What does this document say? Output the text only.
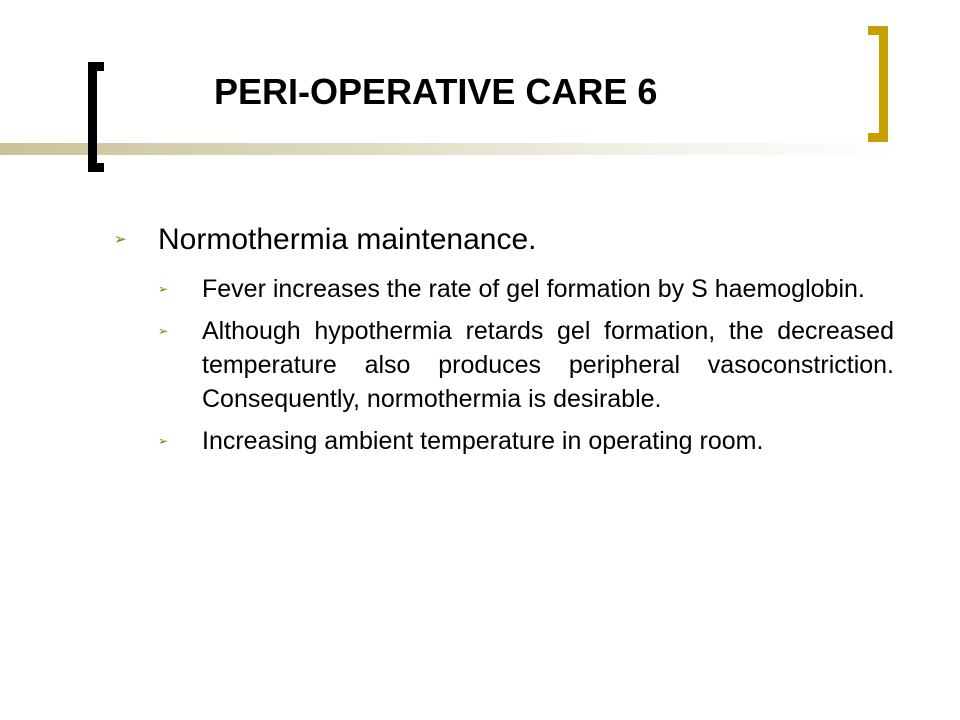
PERI-OPERATIVE CARE 6
➢	Normothermia maintenance.
➢	Fever increases the rate of gel formation by S haemoglobin.
➢	Although hypothermia retards gel formation, the decreased temperature also produces peripheral vasoconstriction. Consequently, normothermia is desirable.
➢	Increasing ambient temperature in operating room.
